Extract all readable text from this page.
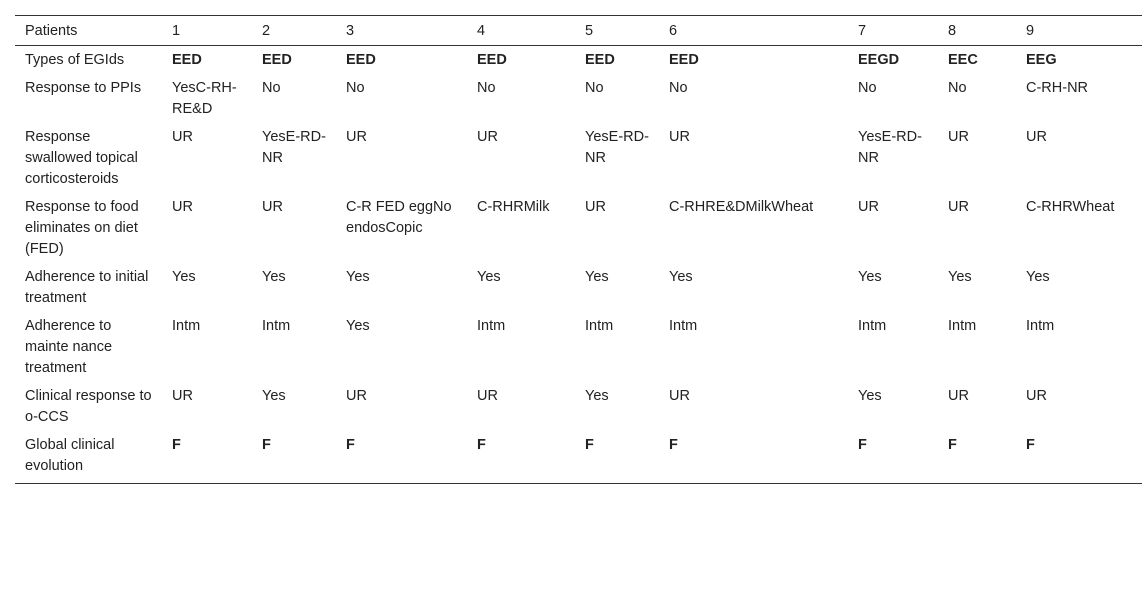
Patients	1	2	3	4	5	6	7	8	9
Types of EGIds	EED	EED	EED	EED	EED	EED	EEGD	EEC	EEG
Response to PPIs	YesC-RH-RE&D	No	No	No	No	No	No	No	C-RH-NR
Response swallowed topical corticosteroids	UR	YesE-RD-NR	UR	UR	YesE-RD-NR	UR	YesE-RD-NR	UR	UR
Response to food eliminates on diet (FED)	UR	UR	C-R FED eggNo endosCopic	C-RHRMilk	UR	C-RHRE&DMilkWheat	UR	UR	C-RHRWheat
Adherence to initial treatment	Yes	Yes	Yes	Yes	Yes	Yes	Yes	Yes	Yes
Adherence to mainte nance treatment	Intm	Intm	Yes	Intm	Intm	Intm	Intm	Intm	Intm
Clinical response to o-CCS	UR	Yes	UR	UR	Yes	UR	Yes	UR	UR
Global clinical evolution	F	F	F	F	F	F	F	F	F
